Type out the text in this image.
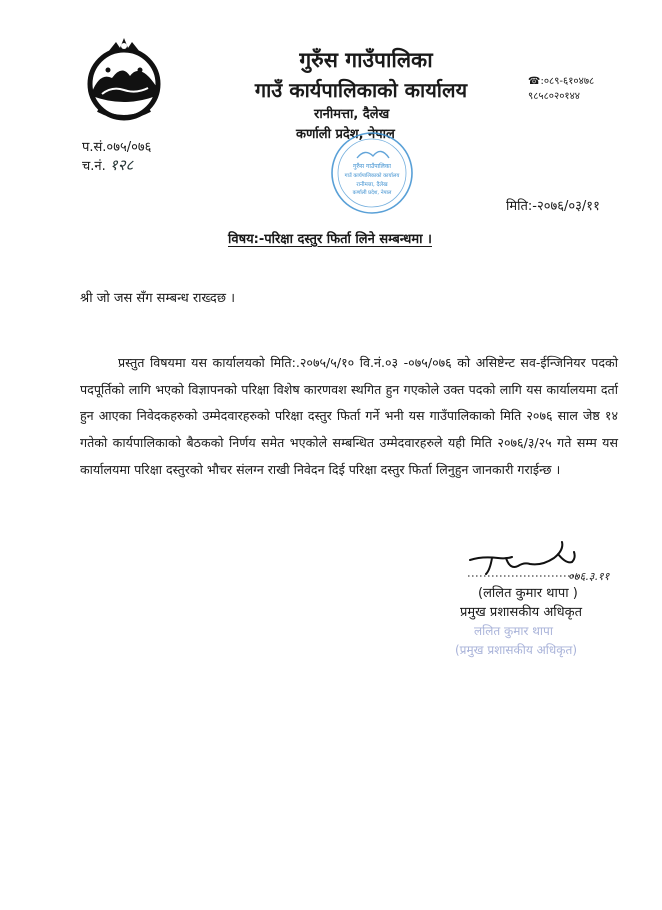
गुरुँस गाउँपालिका
गाउँ कार्यपालिकाको कार्यालय
रानीमत्ता, दैलेख
कर्णाली प्रदेश, नेपाल
☎:०८९-६१०४७८
९८५८०२०१४४
प.सं.०७५/०७६
च.नं. १२८	गुरुँस गाउँपालिका
गाउँ कार्यपालिकाको कार्यालय
रानीमत्ता, दैलेख
कर्णाली प्रदेश, नेपाल
मिति:-२०७६/०३/११
विषय:-परिक्षा दस्तुर फिर्ता लिने सम्बन्धमा ।
श्री जो जस सँग सम्बन्ध राख्दछ ।
प्रस्तुत विषयमा यस कार्यालयको मिति:.२०७५/५/१० वि.नं.०३ -०७५/०७६ को असिष्टेन्ट सव-ईन्जिनियर पदको पदपूर्तिको लागि भएको विज्ञापनको परिक्षा विशेष कारणवश स्थगित हुन गएकोले उक्त पदको लागि यस कार्यालयमा दर्ता हुन आएका निवेदकहरुको उम्मेदवारहरुको परिक्षा दस्तुर फिर्ता गर्ने भनी यस गाउँपालिकाको मिति २०७६ साल जेष्ठ १४ गतेको कार्यपालिकाको बैठकको निर्णय समेत भएकोले सम्बन्धित उम्मेदवारहरुले यही मिति २०७६/३/२५ गते सम्म यस कार्यालयमा परिक्षा दस्तुरको भौचर संलग्न राखी निवेदन दिई परिक्षा दस्तुर फिर्ता लिनुहुन जानकारी गराईन्छ ।
०७६.३.११
(ललित कुमार थापा )
प्रमुख प्रशासकीय अधिकृत
ललित कुमार थापा
(प्रमुख प्रशासकीय अधिकृत)
